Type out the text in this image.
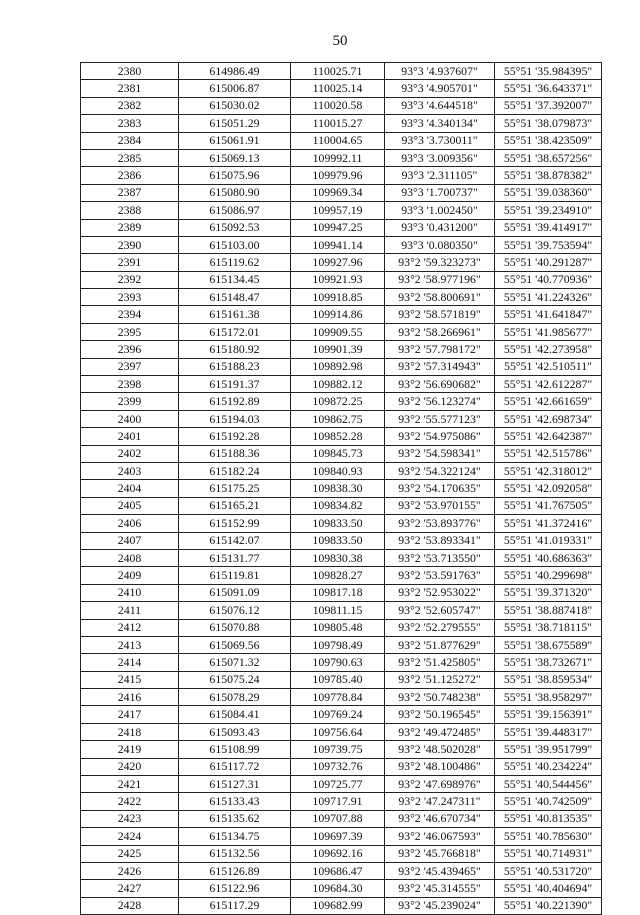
50
2380	614986.49	110025.71	93°3 '4.937607"	55°51 '35.984395"
2381	615006.87	110025.14	93°3 '4.905701"	55°51 '36.643371"
2382	615030.02	110020.58	93°3 '4.644518"	55°51 '37.392007"
2383	615051.29	110015.27	93°3 '4.340134"	55°51 '38.079873"
2384	615061.91	110004.65	93°3 '3.730011"	55°51 '38.423509"
2385	615069.13	109992.11	93°3 '3.009356"	55°51 '38.657256"
2386	615075.96	109979.96	93°3 '2.311105"	55°51 '38.878382"
2387	615080.90	109969.34	93°3 '1.700737"	55°51 '39.038360"
2388	615086.97	109957.19	93°3 '1.002450"	55°51 '39.234910"
2389	615092.53	109947.25	93°3 '0.431200"	55°51 '39.414917"
2390	615103.00	109941.14	93°3 '0.080350"	55°51 '39.753594"
2391	615119.62	109927.96	93°2 '59.323273"	55°51 '40.291287"
2392	615134.45	109921.93	93°2 '58.977196"	55°51 '40.770936"
2393	615148.47	109918.85	93°2 '58.800691"	55°51 '41.224326"
2394	615161.38	109914.86	93°2 '58.571819"	55°51 '41.641847"
2395	615172.01	109909.55	93°2 '58.266961"	55°51 '41.985677"
2396	615180.92	109901.39	93°2 '57.798172"	55°51 '42.273958"
2397	615188.23	109892.98	93°2 '57.314943"	55°51 '42.510511"
2398	615191.37	109882.12	93°2 '56.690682"	55°51 '42.612287"
2399	615192.89	109872.25	93°2 '56.123274"	55°51 '42.661659"
2400	615194.03	109862.75	93°2 '55.577123"	55°51 '42.698734"
2401	615192.28	109852.28	93°2 '54.975086"	55°51 '42.642387"
2402	615188.36	109845.73	93°2 '54.598341"	55°51 '42.515786"
2403	615182.24	109840.93	93°2 '54.322124"	55°51 '42.318012"
2404	615175.25	109838.30	93°2 '54.170635"	55°51 '42.092058"
2405	615165.21	109834.82	93°2 '53.970155"	55°51 '41.767505"
2406	615152.99	109833.50	93°2 '53.893776"	55°51 '41.372416"
2407	615142.07	109833.50	93°2 '53.893341"	55°51 '41.019331"
2408	615131.77	109830.38	93°2 '53.713550"	55°51 '40.686363"
2409	615119.81	109828.27	93°2 '53.591763"	55°51 '40.299698"
2410	615091.09	109817.18	93°2 '52.953022"	55°51 '39.371320"
2411	615076.12	109811.15	93°2 '52.605747"	55°51 '38.887418"
2412	615070.88	109805.48	93°2 '52.279555"	55°51 '38.718115"
2413	615069.56	109798.49	93°2 '51.877629"	55°51 '38.675589"
2414	615071.32	109790.63	93°2 '51.425805"	55°51 '38.732671"
2415	615075.24	109785.40	93°2 '51.125272"	55°51 '38.859534"
2416	615078.29	109778.84	93°2 '50.748238"	55°51 '38.958297"
2417	615084.41	109769.24	93°2 '50.196545"	55°51 '39.156391"
2418	615093.43	109756.64	93°2 '49.472485"	55°51 '39.448317"
2419	615108.99	109739.75	93°2 '48.502028"	55°51 '39.951799"
2420	615117.72	109732.76	93°2 '48.100486"	55°51 '40.234224"
2421	615127.31	109725.77	93°2 '47.698976"	55°51 '40.544456"
2422	615133.43	109717.91	93°2 '47.247311"	55°51 '40.742509"
2423	615135.62	109707.88	93°2 '46.670734"	55°51 '40.813535"
2424	615134.75	109697.39	93°2 '46.067593"	55°51 '40.785630"
2425	615132.56	109692.16	93°2 '45.766818"	55°51 '40.714931"
2426	615126.89	109686.47	93°2 '45.439465"	55°51 '40.531720"
2427	615122.96	109684.30	93°2 '45.314555"	55°51 '40.404694"
2428	615117.29	109682.99	93°2 '45.239024"	55°51 '40.221390"
